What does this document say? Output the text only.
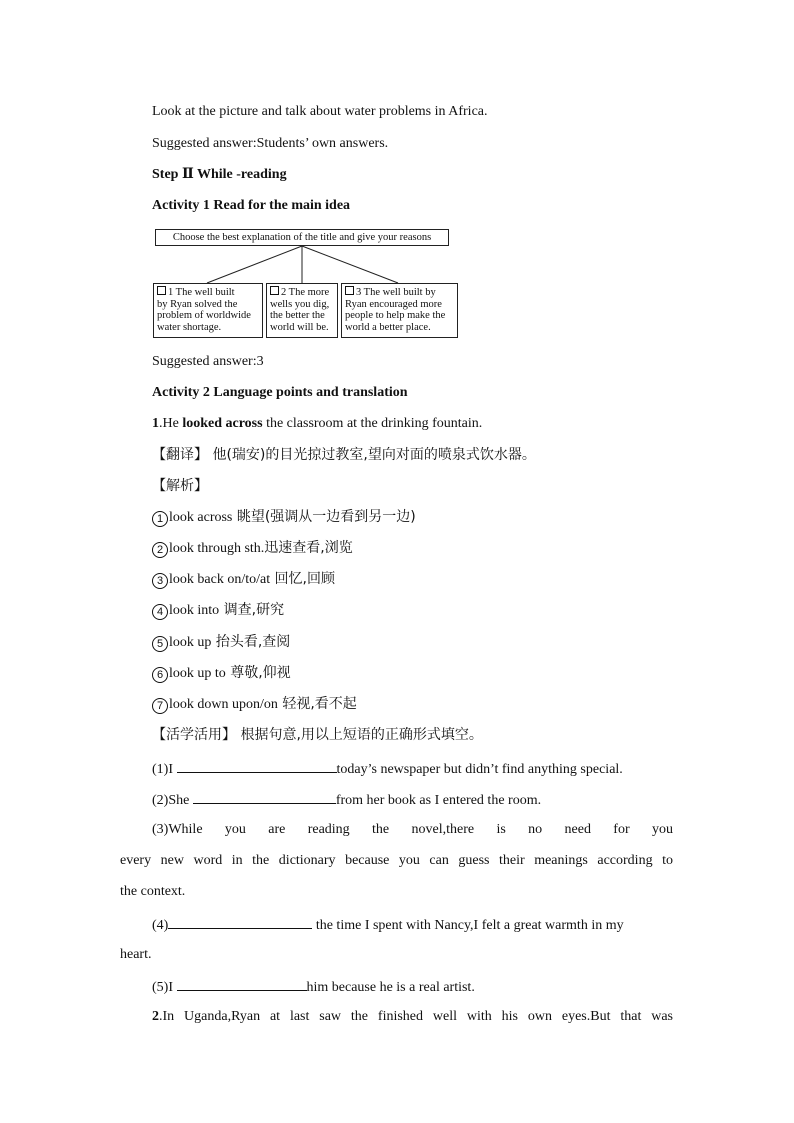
Look at the picture and talk about water problems in Africa.
Suggested answer:Students’ own answers.
Step Ⅱ While -reading
Activity 1 Read for the main idea
Choose the best explanation of the title and give your reasons
1 The well built
by Ryan solved the
problem of worldwide
water shortage.
2 The more
wells you dig,
the better the
world will be.
3 The well built by
Ryan encouraged more
people to help make the
world a better place.
Suggested answer:3
Activity 2 Language points and translation
1.He looked across the classroom at the drinking fountain.
【翻译】 他(瑞安)的目光掠过教室,望向对面的喷泉式饮水器。
【解析】
1 look across 眺望(强调从一边看到另一边)
2 look through sth.迅速查看,浏览
3 look back on/to/at 回忆,回顾
4 look into 调查,研究
5 look up 抬头看,查阅
6 look up to 尊敬,仰视
7 look down upon/on 轻视,看不起
【活学活用】 根据句意,用以上短语的正确形式填空。
(1)I	today’s newspaper but didn’t find anything special.
(2)She	from her book as I entered the room.
(3)While you are reading the novel,there is no need for you
every new word in the dictionary because you can guess their meanings according to
the context.
(4)	the time I spent with Nancy,I felt a great warmth in my
heart.
(5)I	him because he is a real artist.
2.In Uganda,Ryan at last saw the finished well with his own eyes.But that was
